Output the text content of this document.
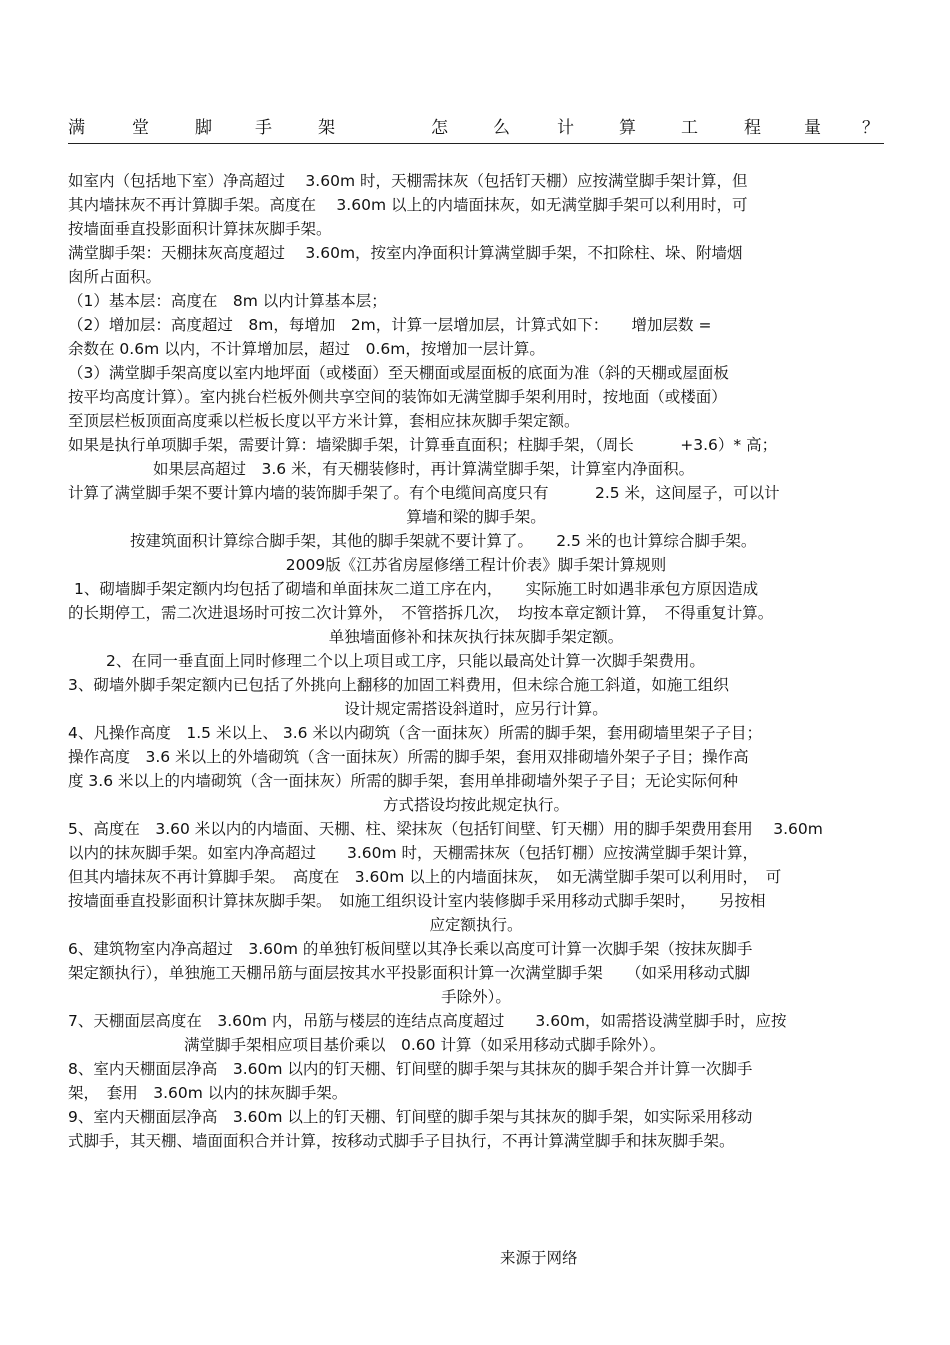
满	堂	脚	手	架	怎	么	计	算	工	程	量 ？
如室内（包括地下室）净高超过　 3.60m 时，天棚需抹灰（包括钉天棚）应按满堂脚手架计算，但
其内墙抹灰不再计算脚手架。高度在　 3.60m 以上的内墙面抹灰，如无满堂脚手架可以利用时，可
按墙面垂直投影面积计算抹灰脚手架。
满堂脚手架：天棚抹灰高度超过　 3.60m，按室内净面积计算满堂脚手架，不扣除柱、垛、附墙烟
囱所占面积。
（1）基本层：高度在　8m 以内计算基本层；
（2）增加层：高度超过　8m，每增加　2m，计算一层增加层，计算式如下：　　增加层数 =
余数在 0.6m 以内，不计算增加层，超过　0.6m，按增加一层计算。
（3）满堂脚手架高度以室内地坪面（或楼面）至天棚面或屋面板的底面为准（斜的天棚或屋面板
按平均高度计算）。室内挑台栏板外侧共享空间的装饰如无满堂脚手架利用时，按地面（或楼面）
至顶层栏板顶面高度乘以栏板长度以平方米计算，套相应抹灰脚手架定额。
如果是执行单项脚手架，需要计算：墙梁脚手架，计算垂直面积；柱脚手架，（周长　　　+3.6）* 高；
如果层高超过　3.6 米，有天棚装修时，再计算满堂脚手架，计算室内净面积。
计算了满堂脚手架不要计算内墙的装饰脚手架了。有个电缆间高度只有　　　2.5 米，这间屋子，可以计
算墙和梁的脚手架。
按建筑面积计算综合脚手架，其他的脚手架就不要计算了。　　2.5 米的也计算综合脚手架。
2009版《江苏省房屋修缮工程计价表》脚手架计算规则
1、砌墙脚手架定额内均包括了砌墙和单面抹灰二道工序在内，　　实际施工时如遇非承包方原因造成
的长期停工，需二次进退场时可按二次计算外，　不管搭拆几次，　均按本章定额计算，　不得重复计算。
单独墙面修补和抹灰执行抹灰脚手架定额。
2、在同一垂直面上同时修理二个以上项目或工序，只能以最高处计算一次脚手架费用。
3、砌墙外脚手架定额内已包括了外挑向上翻移的加固工料费用，但未综合施工斜道，如施工组织
设计规定需搭设斜道时，应另行计算。
4、凡操作高度　1.5 米以上、 3.6 米以内砌筑（含一面抹灰）所需的脚手架，套用砌墙里架子子目；
操作高度　3.6 米以上的外墙砌筑（含一面抹灰）所需的脚手架，套用双排砌墙外架子子目；操作高
度 3.6 米以上的内墙砌筑（含一面抹灰）所需的脚手架，套用单排砌墙外架子子目；无论实际何种
方式搭设均按此规定执行。
5、高度在　3.60 米以内的内墙面、天棚、柱、梁抹灰（包括钉间壁、钉天棚）用的脚手架费用套用　 3.60m
以内的抹灰脚手架。如室内净高超过　　3.60m 时，天棚需抹灰（包括钉棚）应按满堂脚手架计算，
但其内墙抹灰不再计算脚手架。　高度在　3.60m 以上的内墙面抹灰，　如无满堂脚手架可以利用时，　可
按墙面垂直投影面积计算抹灰脚手架。　如施工组织设计室内装修脚手采用移动式脚手架时，　　另按相
应定额执行。
6、建筑物室内净高超过　3.60m 的单独钉板间壁以其净长乘以高度可计算一次脚手架（按抹灰脚手
架定额执行），单独施工天棚吊筋与面层按其水平投影面积计算一次满堂脚手架　　（如采用移动式脚
手除外）。
7、天棚面层高度在　3.60m 内，吊筋与楼层的连结点高度超过　　3.60m，如需搭设满堂脚手时，应按
满堂脚手架相应项目基价乘以　0.60 计算（如采用移动式脚手除外）。
8、室内天棚面层净高　3.60m 以内的钉天棚、钉间壁的脚手架与其抹灰的脚手架合并计算一次脚手
架，　套用　3.60m 以内的抹灰脚手架。
9、室内天棚面层净高　3.60m 以上的钉天棚、钉间壁的脚手架与其抹灰的脚手架，如实际采用移动
式脚手，其天棚、墙面面积合并计算，按移动式脚手子目执行，不再计算满堂脚手和抹灰脚手架。
来源于网络
